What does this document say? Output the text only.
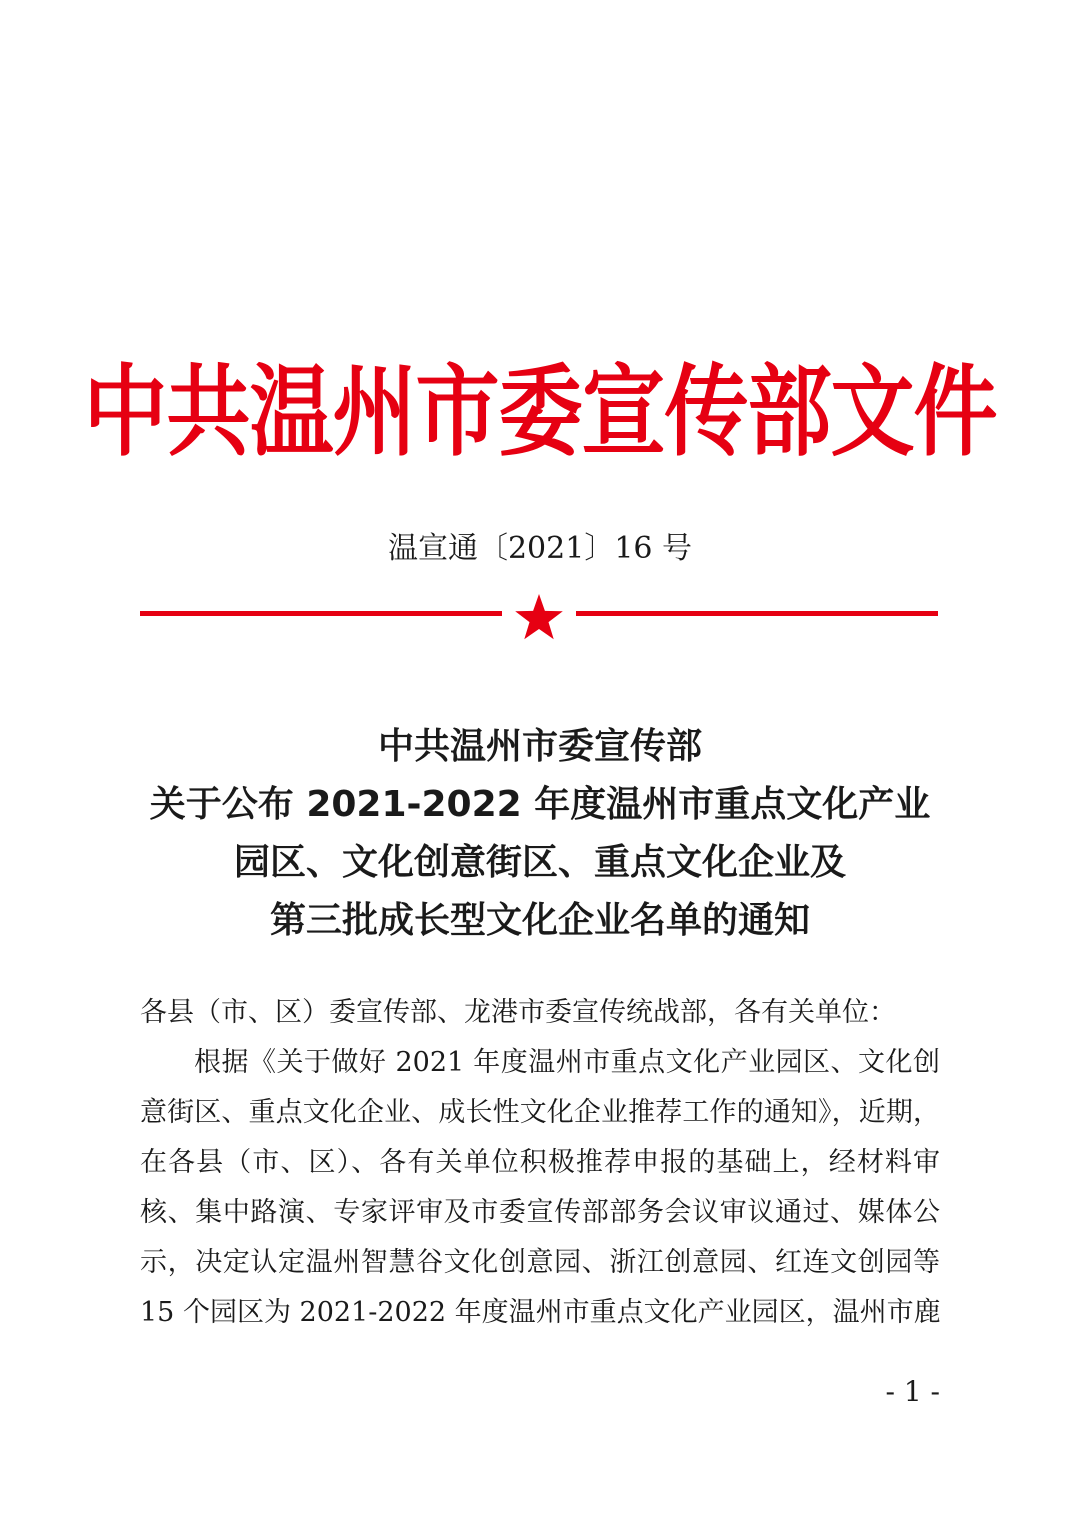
中共温州市委宣传部文件
温宣通〔2021〕16 号
中共温州市委宣传部
关于公布 2021-2022 年度温州市重点文化产业
园区、文化创意街区、重点文化企业及
第三批成长型文化企业名单的通知
各县（市、区）委宣传部、龙港市委宣传统战部，各有关单位：
根据《关于做好 2021 年度温州市重点文化产业园区、文化创
意街区、重点文化企业、成长性文化企业推荐工作的通知》，近期，
在各县（市、区）、各有关单位积极推荐申报的基础上，经材料审
核、集中路演、专家评审及市委宣传部部务会议审议通过、媒体公
示，决定认定温州智慧谷文化创意园、浙江创意园、红连文创园等
15 个园区为 2021-2022 年度温州市重点文化产业园区，温州市鹿
- 1 -
